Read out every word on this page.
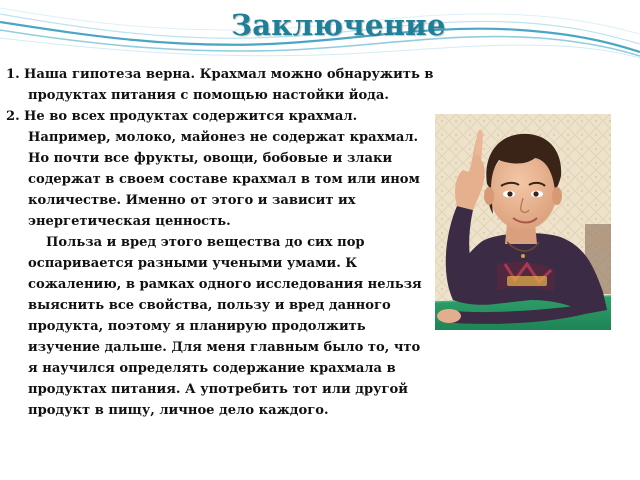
Заключение

1. Наша гипотеза верна. Крахмал можно обнаружить в продуктах питания с помощью настойки йода.

2. Не во всех продуктах содержится крахмал. Например, молоко, майонез не содержат крахмал. Но почти все фрукты, овощи, бобовые и злаки содержат в своем составе крахмал в том или ином количестве. Именно от этого и зависит их энергетическая ценность.

Польза и вред этого вещества до сих пор оспаривается разными учеными умами. К сожалению, в рамках одного исследования нельзя выяснить все свойства, пользу и вред данного продукта, поэтому я планирую продолжить изучение дальше. Для меня главным было то, что я научился определять содержание крахмала в продуктах питания. А употребить тот или другой продукт в пищу, личное дело каждого.
